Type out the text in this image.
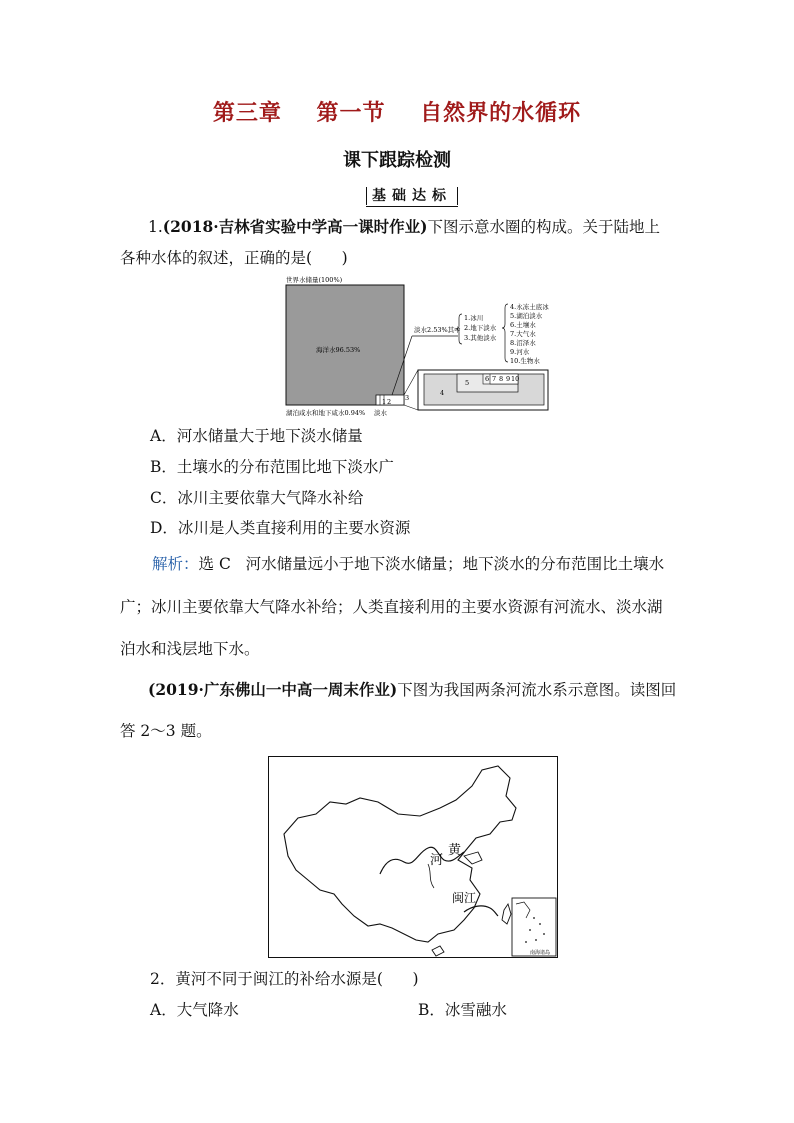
第三章    第一节    自然界的水循环
课下跟踪检测
基础达标
1.(2018·吉林省实验中学高一课时作业)下图示意水圈的构成。关于陆地上
各种水体的叙述，正确的是(      )
世界水储量(100%)
海洋水96.53%
3
1 2
湖泊咸水和地下咸水0.94% 淡水
淡水2.53%其中
1.冰川
2.地下淡水
3.其他淡水
4.永冻土底冰
5.湖泊淡水
6.土壤水
7.大气水
8.沼泽水
9.河水
10.生物水
4
5 6 7 8 9 10
A．河水储量大于地下淡水储量
B．土壤水的分布范围比地下淡水广
C．冰川主要依靠大气降水补给
D．冰川是人类直接利用的主要水资源
解析：选 C   河水储量远小于地下淡水储量；地下淡水的分布范围比土壤水
广；冰川主要依靠大气降水补给；人类直接利用的主要水资源有河流水、淡水湖
泊水和浅层地下水。
(2019·广东佛山一中高一周末作业)下图为我国两条河流水系示意图。读图回
答 2～3 题。
黄
河
闽江
南海诸岛
2．黄河不同于闽江的补给水源是(      )
A．大气降水	B．冰雪融水
